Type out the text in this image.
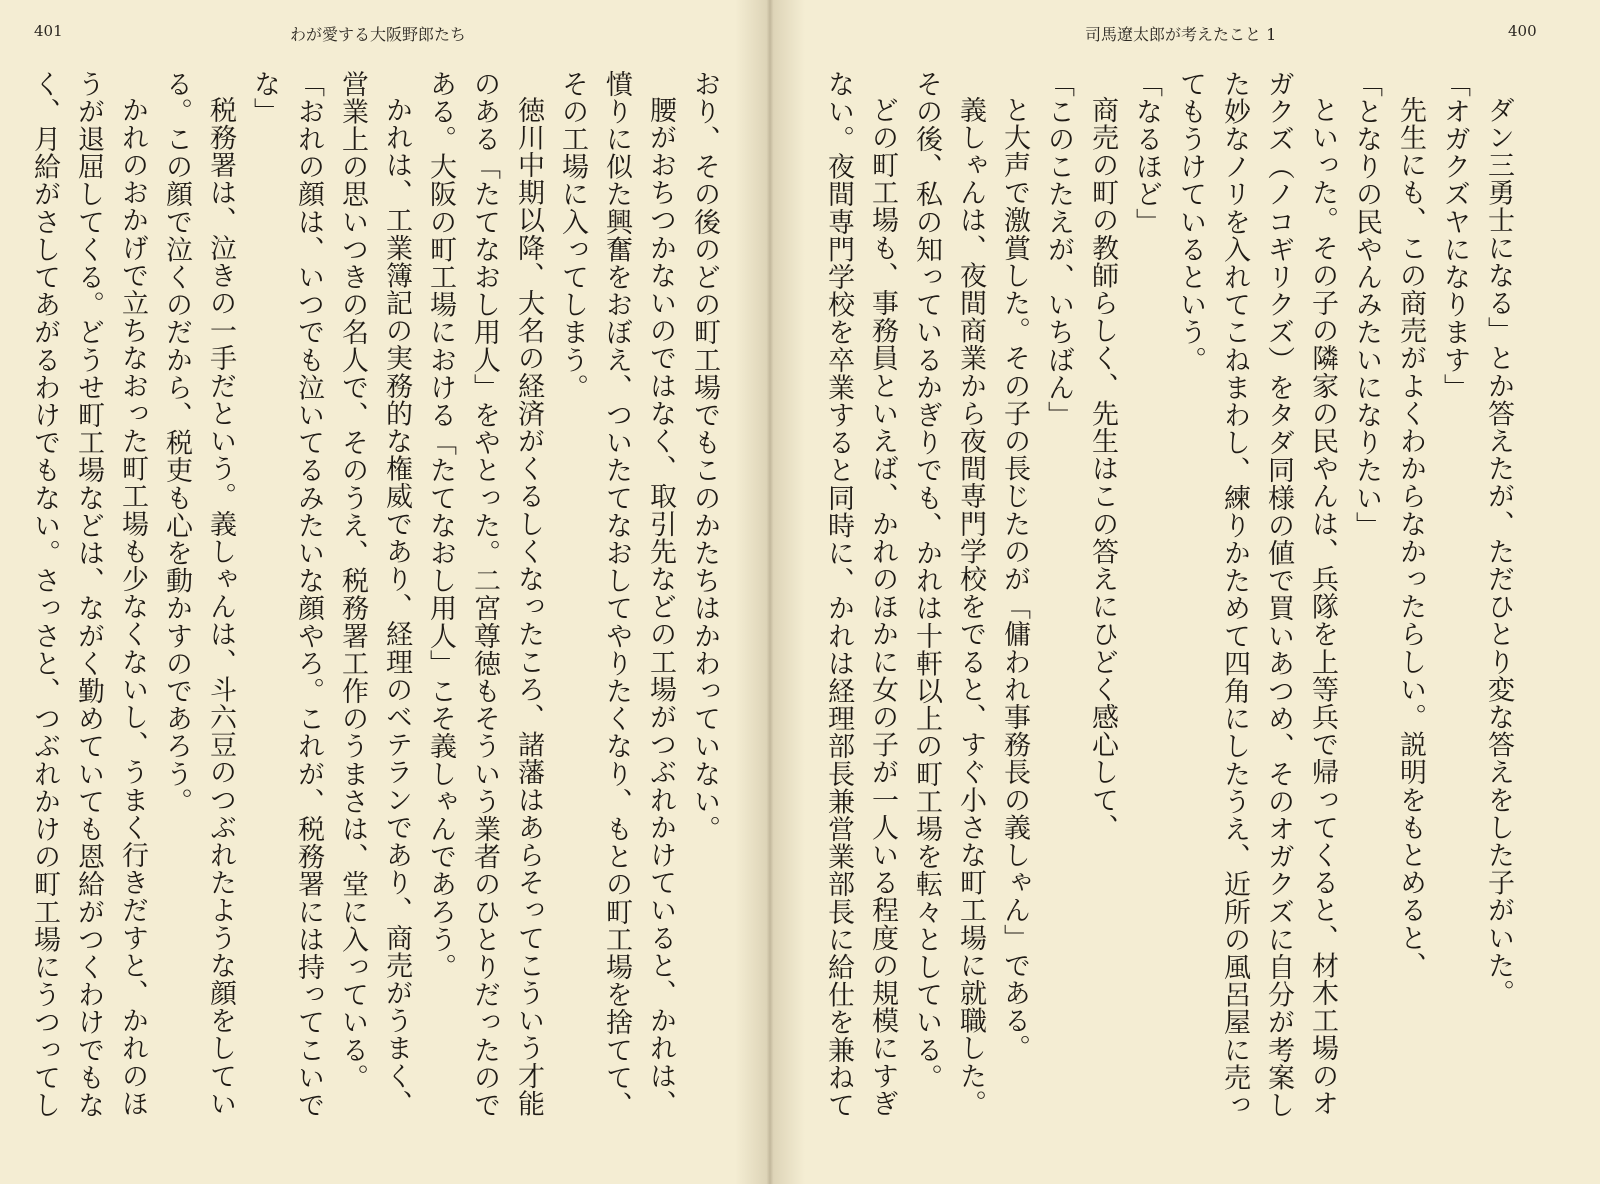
401	わが愛する大阪野郎たち	司馬遼太郎が考えたこと 1	400
ダン三勇士になる」とか答えたが、ただひとり変な答えをした子がいた。
「オガクズヤになります」
先生にも、この商売がよくわからなかったらしい。説明をもとめると、
「となりの民やんみたいになりたい」
といった。その子の隣家の民やんは、兵隊を上等兵で帰ってくると、材木工場のオ
ガクズ（ノコギリクズ）をタダ同様の値で買いあつめ、そのオガクズに自分が考案し
た妙なノリを入れてこねまわし、練りかためて四角にしたうえ、近所の風呂屋に売っ
てもうけているという。
「なるほど」
商売の町の教師らしく、先生はこの答えにひどく感心して、
「このこたえが、いちばん」
と大声で激賞した。その子の長じたのが「傭われ事務長の義しゃん」である。
義しゃんは、夜間商業から夜間専門学校をでると、すぐ小さな町工場に就職した。
その後、私の知っているかぎりでも、かれは十軒以上の町工場を転々としている。
どの町工場も、事務員といえば、かれのほかに女の子が一人いる程度の規模にすぎ
ない。夜間専門学校を卒業すると同時に、かれは経理部長兼営業部長に給仕を兼ねて
おり、その後のどの町工場でもこのかたちはかわっていない。
腰がおちつかないのではなく、取引先などの工場がつぶれかけていると、かれは、
憤りに似た興奮をおぼえ、ついたてなおしてやりたくなり、もとの町工場を捨てて、
その工場に入ってしまう。
徳川中期以降、大名の経済がくるしくなったころ、諸藩はあらそってこういう才能
のある「たてなおし用人」をやとった。二宮尊徳もそういう業者のひとりだったので
ある。大阪の町工場における「たてなおし用人」こそ義しゃんであろう。
かれは、工業簿記の実務的な権威であり、経理のベテランであり、商売がうまく、
営業上の思いつきの名人で、そのうえ、税務署工作のうまさは、堂に入っている。
「おれの顔は、いつでも泣いてるみたいな顔やろ。これが、税務署には持ってこいで
な」
税務署は、泣きの一手だという。義しゃんは、斗六豆のつぶれたような顔をしてい
る。この顔で泣くのだから、税吏も心を動かすのであろう。
かれのおかげで立ちなおった町工場も少なくないし、うまく行きだすと、かれのほ
うが退屈してくる。どうせ町工場などは、ながく勤めていても恩給がつくわけでもな
く、月給がさしてあがるわけでもない。さっさと、つぶれかけの町工場にうつってし
